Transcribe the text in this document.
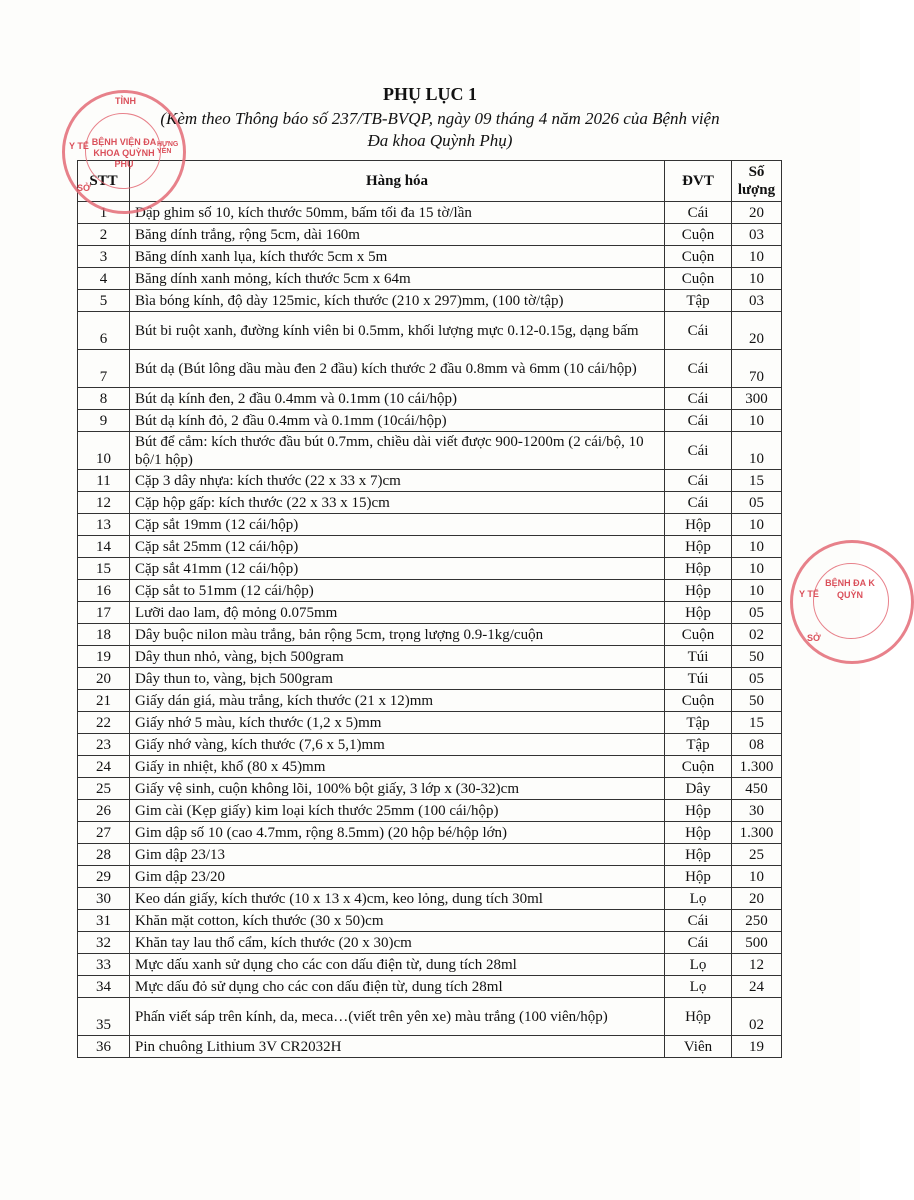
PHỤ LỤC 1
(Kèm theo Thông báo số 237/TB-BVQP, ngày 09 tháng 4 năm 2026 của Bệnh viện Đa khoa Quỳnh Phụ)
STT	Hàng hóa	ĐVT	Số lượng
1	Dập ghim số 10, kích thước 50mm, bấm tối đa 15 tờ/lần	Cái	20
2	Băng dính trắng, rộng 5cm, dài 160m	Cuộn	03
3	Băng dính xanh lụa, kích thước 5cm x 5m	Cuộn	10
4	Băng dính xanh mỏng, kích thước 5cm x 64m	Cuộn	10
5	Bìa bóng kính, độ dày 125mic, kích thước (210 x 297)mm, (100 tờ/tập)	Tập	03
6	Bút bi ruột xanh, đường kính viên bi 0.5mm, khối lượng mực 0.12-0.15g, dạng bấm	Cái	20
7	Bút dạ (Bút lông dầu màu đen 2 đầu) kích thước 2 đầu 0.8mm và 6mm (10 cái/hộp)	Cái	70
8	Bút dạ kính đen, 2 đầu 0.4mm và 0.1mm (10 cái/hộp)	Cái	300
9	Bút dạ kính đỏ, 2 đầu 0.4mm và 0.1mm (10cái/hộp)	Cái	10
10	Bút để cắm: kích thước đầu bút 0.7mm, chiều dài viết được 900-1200m (2 cái/bộ, 10 bộ/1 hộp)	Cái	10
11	Cặp 3 dây nhựa: kích thước (22 x 33 x 7)cm	Cái	15
12	Cặp hộp gấp: kích thước (22 x 33 x 15)cm	Cái	05
13	Cặp sắt 19mm (12 cái/hộp)	Hộp	10
14	Cặp sắt 25mm (12 cái/hộp)	Hộp	10
15	Cặp sắt 41mm (12 cái/hộp)	Hộp	10
16	Cặp sắt to 51mm (12 cái/hộp)	Hộp	10
17	Lưỡi dao lam, độ mỏng 0.075mm	Hộp	05
18	Dây buộc nilon màu trắng, bản rộng 5cm, trọng lượng 0.9-1kg/cuộn	Cuộn	02
19	Dây thun nhỏ, vàng, bịch 500gram	Túi	50
20	Dây thun to, vàng, bịch 500gram	Túi	05
21	Giấy dán giá, màu trắng, kích thước (21 x 12)mm	Cuộn	50
22	Giấy nhớ 5 màu, kích thước (1,2 x 5)mm	Tập	15
23	Giấy nhớ vàng, kích thước (7,6 x 5,1)mm	Tập	08
24	Giấy in nhiệt, khổ (80 x 45)mm	Cuộn	1.300
25	Giấy vệ sinh, cuộn không lõi, 100% bột giấy, 3 lớp x (30-32)cm	Dây	450
26	Gim cài (Kẹp giấy) kim loại kích thước 25mm (100 cái/hộp)	Hộp	30
27	Gim dập số 10 (cao 4.7mm, rộng 8.5mm) (20 hộp bé/hộp lớn)	Hộp	1.300
28	Gim dập 23/13	Hộp	25
29	Gim dập 23/20	Hộp	10
30	Keo dán giấy, kích thước (10 x 13 x 4)cm, keo lỏng, dung tích 30ml	Lọ	20
31	Khăn mặt cotton, kích thước (30 x 50)cm	Cái	250
32	Khăn tay lau thổ cẩm, kích thước (20 x 30)cm	Cái	500
33	Mực dấu xanh sử dụng cho các con dấu điện từ, dung tích 28ml	Lọ	12
34	Mực dấu đỏ sử dụng cho các con dấu điện từ, dung tích 28ml	Lọ	24
35	Phấn viết sáp trên kính, da, meca…(viết trên yên xe) màu trắng (100 viên/hộp)	Hộp	02
36	Pin chuông Lithium 3V CR2032H	Viên	19
TỈNH
Y TẾ	HƯNG YÊN
SỞ
BỆNH VIỆN ĐA KHOA QUỲNH PHỤ
Y TẾ
SỞ
BỆNH ĐA K QUỲN
